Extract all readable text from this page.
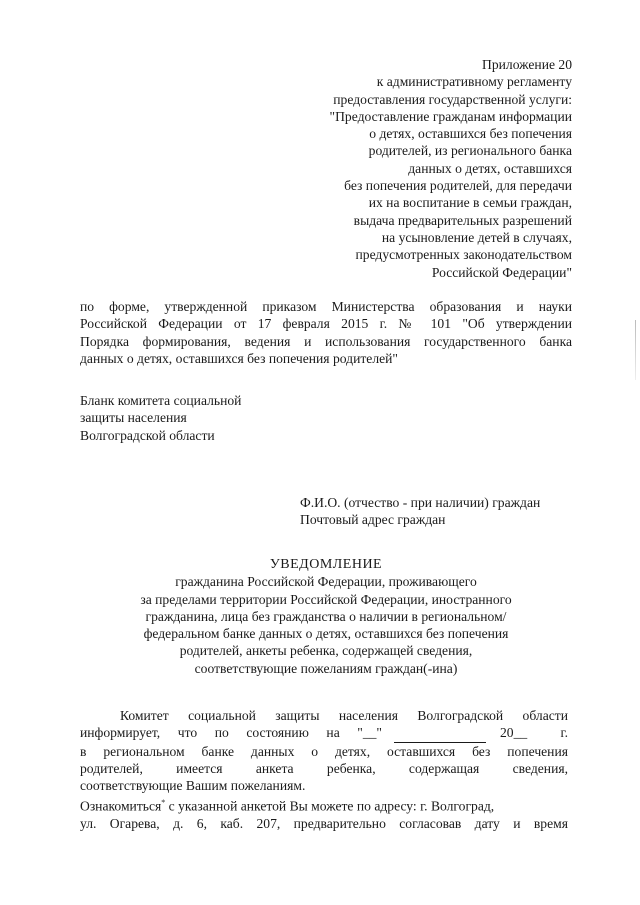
Приложение 20
к административному регламенту
предоставления государственной услуги:
"Предоставление гражданам информации
о детях, оставшихся без попечения
родителей, из регионального банка
данных о детях, оставшихся
без попечения родителей, для передачи
их на воспитание в семьи граждан,
выдача предварительных разрешений
на усыновление детей в случаях,
предусмотренных законодательством
Российской Федерации"
по форме, утвержденной приказом Министерства образования и науки
Российской Федерации от 17 февраля 2015 г. № 101 "Об утверждении
Порядка формирования, ведения и использования государственного банка
данных о детях, оставшихся без попечения родителей"
Бланк комитета социальной
защиты населения
Волгоградской области
Ф.И.О. (отчество - при наличии) граждан
Почтовый адрес граждан
УВЕДОМЛЕНИЕ
гражданина Российской Федерации, проживающего
за пределами территории Российской Федерации, иностранного
гражданина, лица без гражданства о наличии в региональном/
федеральном банке данных о детях, оставшихся без попечения
родителей, анкеты ребенка, содержащей сведения,
соответствующие пожеланиям граждан(-ина)
Комитет социальной защиты населения Волгоградской области
информирует, что по состоянию на "__"
	20__ г.
в региональном банке данных о детях, оставшихся без попечения
родителей, имеется анкета ребенка, содержащая сведения,
соответствующие Вашим пожеланиям.
Ознакомиться* с указанной анкетой Вы можете по адресу: г. Волгоград,
ул. Огарева, д. 6, каб. 207, предварительно согласовав дату и время
